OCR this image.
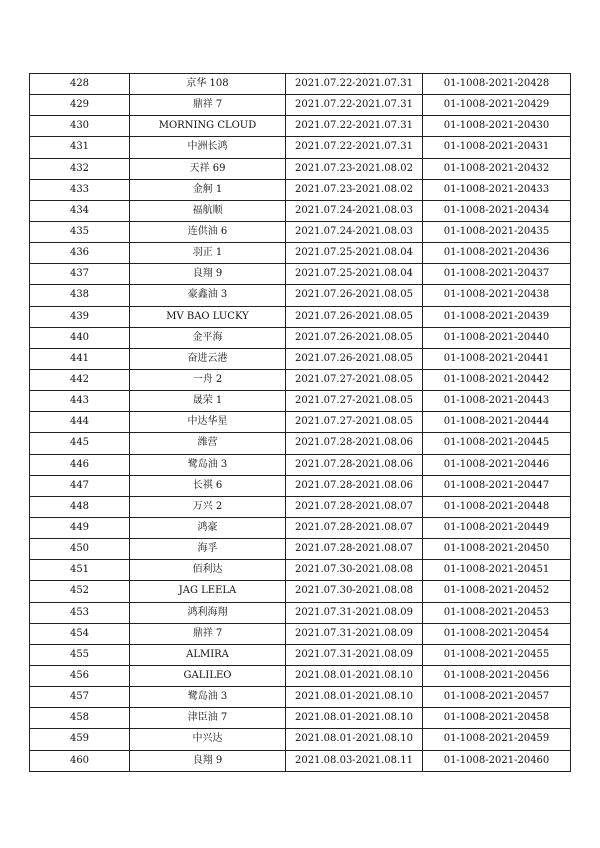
428	京华 108	2021.07.22-2021.07.31	01-1008-2021-20428
429	鼎祥 7	2021.07.22-2021.07.31	01-1008-2021-20429
430	MORNING CLOUD	2021.07.22-2021.07.31	01-1008-2021-20430
431	中洲长鸿	2021.07.22-2021.07.31	01-1008-2021-20431
432	天祥 69	2021.07.23-2021.08.02	01-1008-2021-20432
433	金舸 1	2021.07.23-2021.08.02	01-1008-2021-20433
434	福航顺	2021.07.24-2021.08.03	01-1008-2021-20434
435	连供油 6	2021.07.24-2021.08.03	01-1008-2021-20435
436	羽正 1	2021.07.25-2021.08.04	01-1008-2021-20436
437	良翔 9	2021.07.25-2021.08.04	01-1008-2021-20437
438	豪鑫油 3	2021.07.26-2021.08.05	01-1008-2021-20438
439	MV BAO LUCKY	2021.07.26-2021.08.05	01-1008-2021-20439
440	金平海	2021.07.26-2021.08.05	01-1008-2021-20440
441	奋进云港	2021.07.26-2021.08.05	01-1008-2021-20441
442	一舟 2	2021.07.27-2021.08.05	01-1008-2021-20442
443	晟荣 1	2021.07.27-2021.08.05	01-1008-2021-20443
444	中达华星	2021.07.27-2021.08.05	01-1008-2021-20444
445	潍营	2021.07.28-2021.08.06	01-1008-2021-20445
446	鹭岛油 3	2021.07.28-2021.08.06	01-1008-2021-20446
447	长祺 6	2021.07.28-2021.08.06	01-1008-2021-20447
448	万兴 2	2021.07.28-2021.08.07	01-1008-2021-20448
449	鸿豪	2021.07.28-2021.08.07	01-1008-2021-20449
450	海孚	2021.07.28-2021.08.07	01-1008-2021-20450
451	佰利达	2021.07.30-2021.08.08	01-1008-2021-20451
452	JAG LEELA	2021.07.30-2021.08.08	01-1008-2021-20452
453	鸿利海翔	2021.07.31-2021.08.09	01-1008-2021-20453
454	鼎祥 7	2021.07.31-2021.08.09	01-1008-2021-20454
455	ALMIRA	2021.07.31-2021.08.09	01-1008-2021-20455
456	GALILEO	2021.08.01-2021.08.10	01-1008-2021-20456
457	鹭岛油 3	2021.08.01-2021.08.10	01-1008-2021-20457
458	津臣油 7	2021.08.01-2021.08.10	01-1008-2021-20458
459	中兴达	2021.08.01-2021.08.10	01-1008-2021-20459
460	良翔 9	2021.08.03-2021.08.11	01-1008-2021-20460
